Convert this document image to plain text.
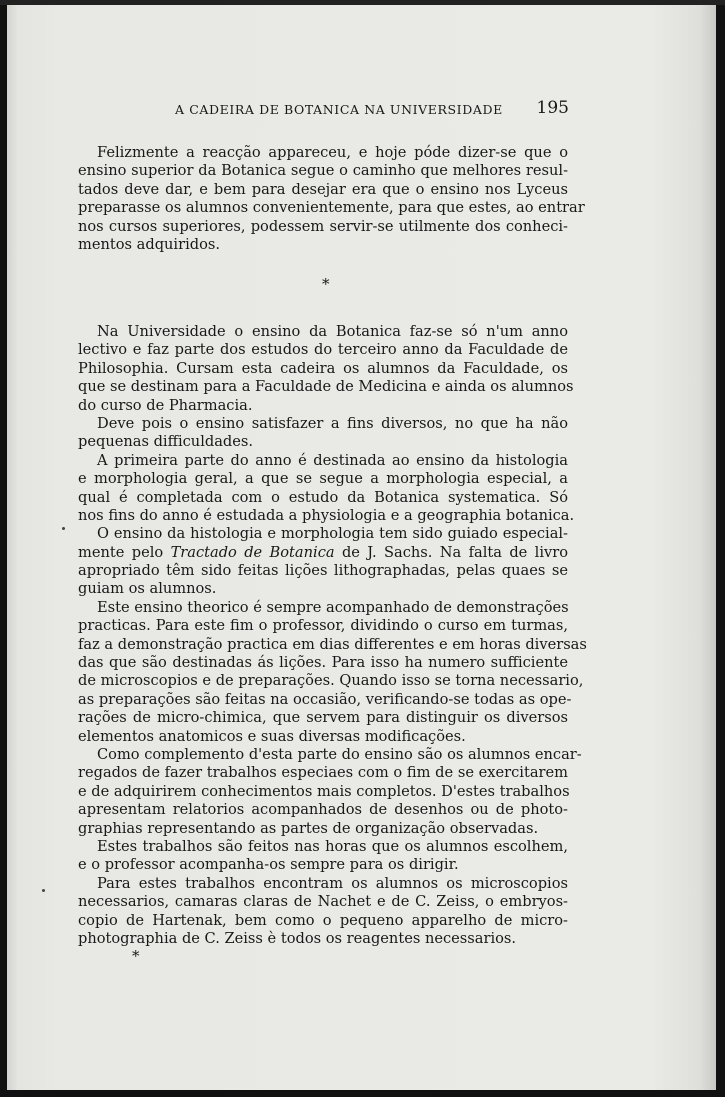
A CADEIRA DE BOTANICA NA UNIVERSIDADE 195
Felizmente a reacção appareceu, e hoje póde dizer-se que o
ensino superior da Botanica segue o caminho que melhores resul-
tados deve dar, e bem para desejar era que o ensino nos Lyceus
preparasse os alumnos convenientemente, para que estes, ao entrar
nos cursos superiores, podessem servir-se utilmente dos conheci-
mentos adquiridos.
*
Na Universidade o ensino da Botanica faz-se só n'um anno
lectivo e faz parte dos estudos do terceiro anno da Faculdade de
Philosophia. Cursam esta cadeira os alumnos da Faculdade, os
que se destinam para a Faculdade de Medicina e ainda os alumnos
do curso de Pharmacia.
Deve pois o ensino satisfazer a fins diversos, no que ha não
pequenas difficuldades.
A primeira parte do anno é destinada ao ensino da histologia
e morphologia geral, a que se segue a morphologia especial, a
qual é completada com o estudo da Botanica systematica. Só
nos fins do anno é estudada a physiologia e a geographia botanica.
O ensino da histologia e morphologia tem sido guiado especial-
mente pelo Tractado de Botanica de J. Sachs. Na falta de livro
apropriado têm sido feitas lições lithographadas, pelas quaes se
guiam os alumnos.
Este ensino theorico é sempre acompanhado de demonstrações
practicas. Para este fim o professor, dividindo o curso em turmas,
faz a demonstração practica em dias differentes e em horas diversas
das que são destinadas ás lições. Para isso ha numero sufficiente
de microscopios e de preparações. Quando isso se torna necessario,
as preparações são feitas na occasião, verificando-se todas as ope-
rações de micro-chimica, que servem para distinguir os diversos
elementos anatomicos e suas diversas modificações.
Como complemento d'esta parte do ensino são os alumnos encar-
regados de fazer trabalhos especiaes com o fim de se exercitarem
e de adquirirem conhecimentos mais completos. D'estes trabalhos
apresentam relatorios acompanhados de desenhos ou de photo-
graphias representando as partes de organização observadas.
Estes trabalhos são feitos nas horas que os alumnos escolhem,
e o professor acompanha-os sempre para os dirigir.
Para estes trabalhos encontram os alumnos os microscopios
necessarios, camaras claras de Nachet e de C. Zeiss, o embryos-
copio de Hartenak, bem como o pequeno apparelho de micro-
photographia de C. Zeiss è todos os reagentes necessarios.
*
